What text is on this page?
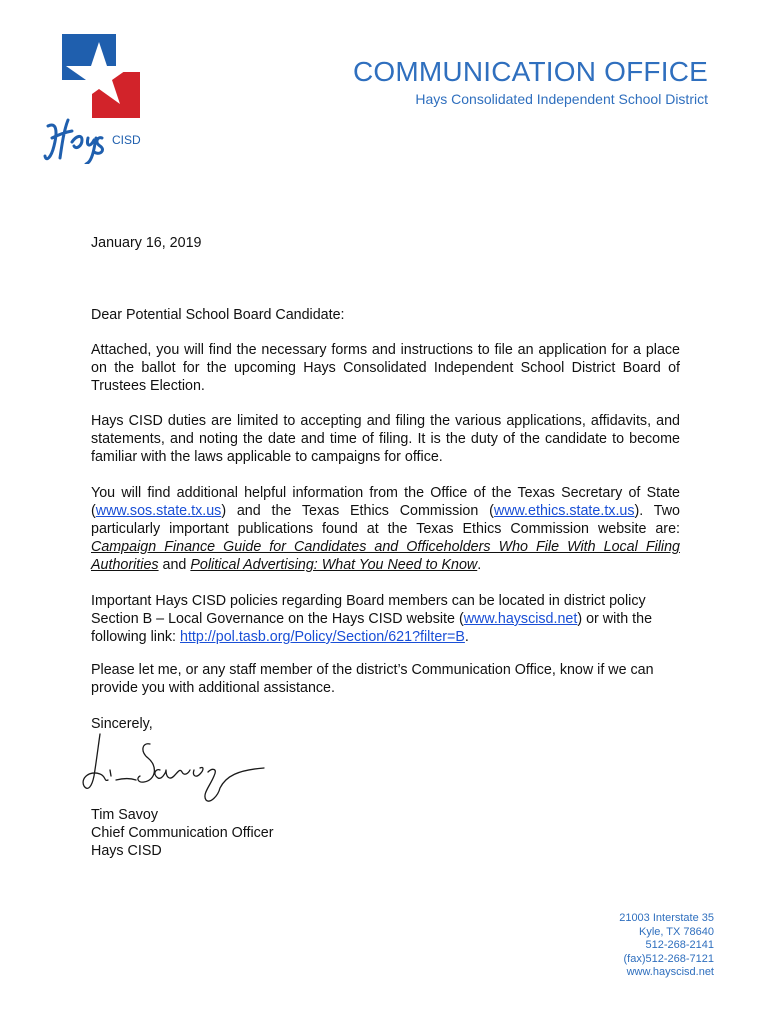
CISD
COMMUNICATION OFFICE
Hays Consolidated Independent School District
January 16, 2019
Dear Potential School Board Candidate:
Attached, you will find the necessary forms and instructions to file an application for a place on the ballot for the upcoming Hays Consolidated Independent School District Board of Trustees Election.
Hays CISD duties are limited to accepting and filing the various applications, affidavits, and statements, and noting the date and time of filing. It is the duty of the candidate to become familiar with the laws applicable to campaigns for office.
You will find additional helpful information from the Office of the Texas Secretary of State (www.sos.state.tx.us) and the Texas Ethics Commission (www.ethics.state.tx.us). Two particularly important publications found at the Texas Ethics Commission website are: Campaign Finance Guide for Candidates and Officeholders Who File With Local Filing Authorities and Political Advertising: What You Need to Know.
Important Hays CISD policies regarding Board members can be located in district policy Section B – Local Governance on the Hays CISD website (www.hayscisd.net) or with the following link: http://pol.tasb.org/Policy/Section/621?filter=B.
Please let me, or any staff member of the district’s Communication Office, know if we can provide you with additional assistance.
Sincerely,
Tim Savoy
Chief Communication Officer
Hays CISD
21003 Interstate 35
Kyle, TX 78640
512-268-2141
(fax)512-268-7121
www.hayscisd.net
